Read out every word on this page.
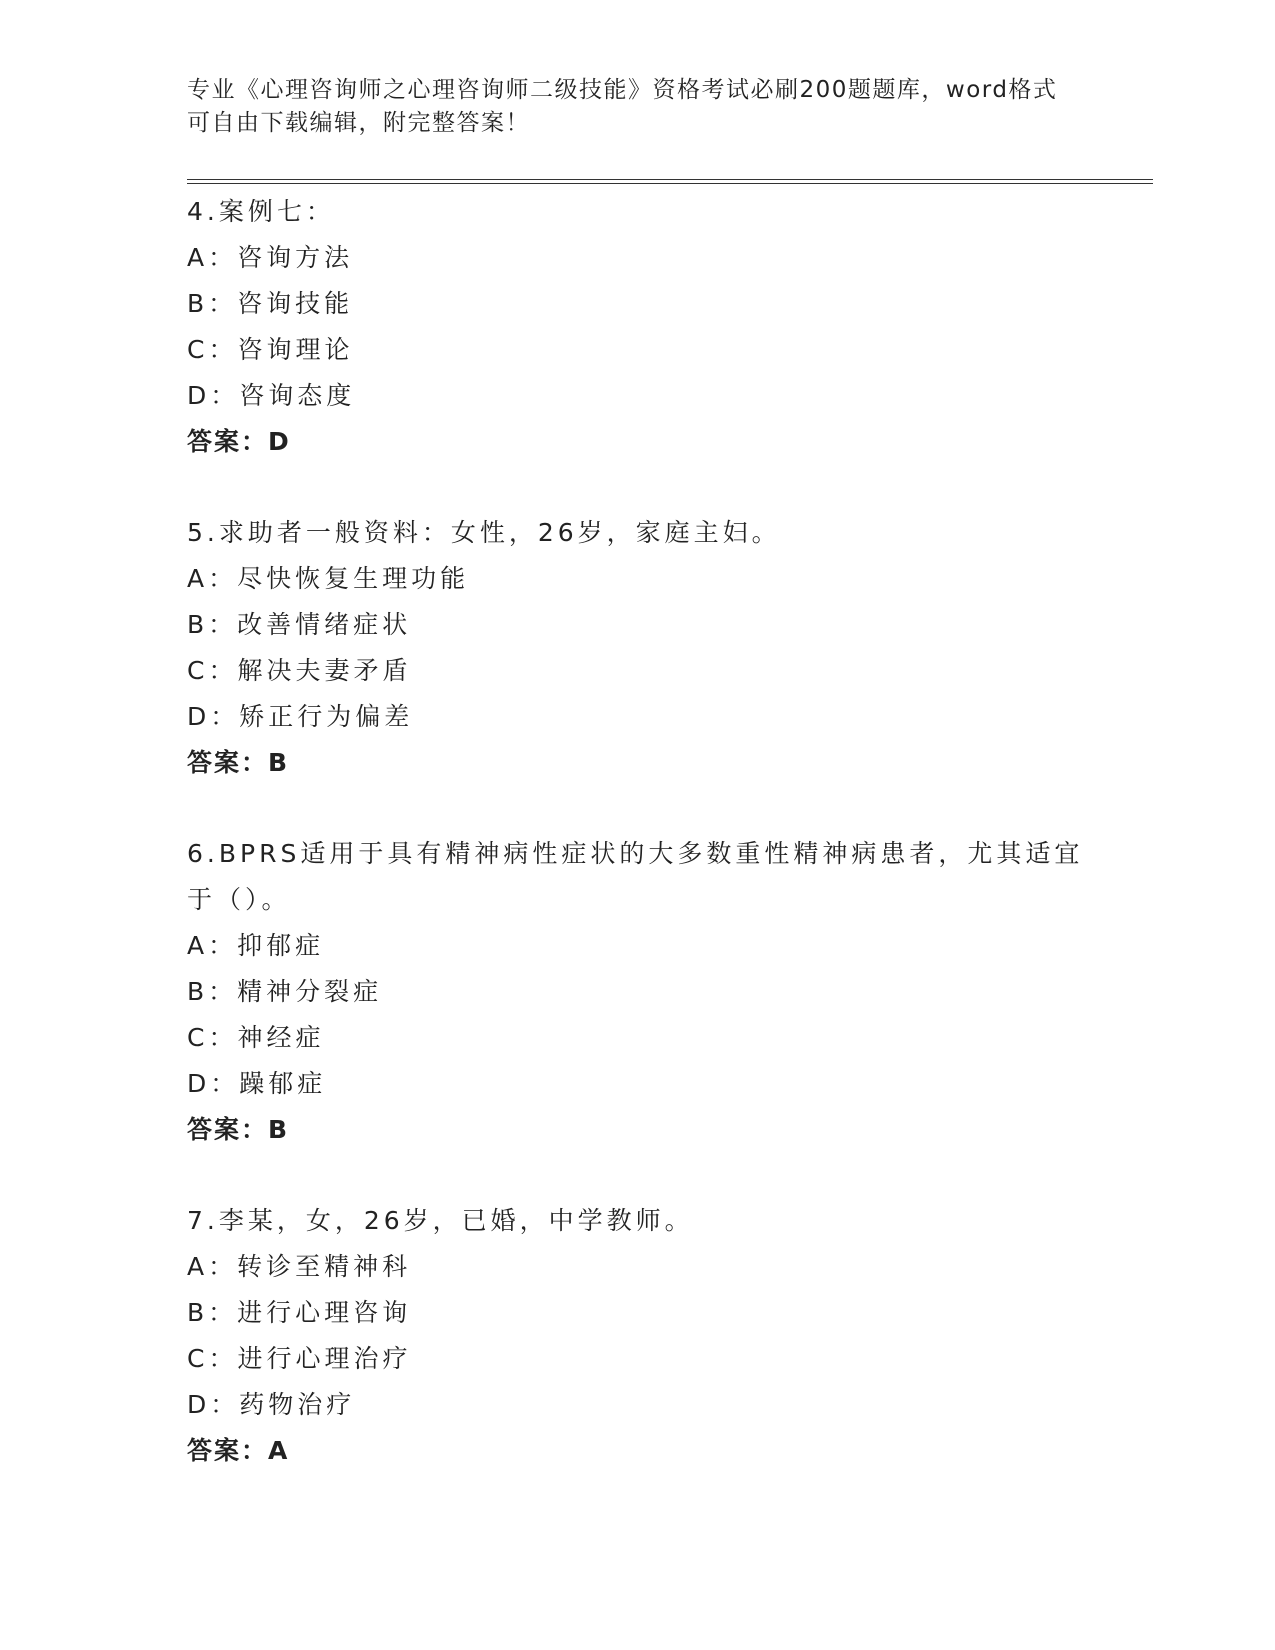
专业《心理咨询师之心理咨询师二级技能》资格考试必刷200题题库，word格式
可自由下载编辑，附完整答案！
4.案例七：
A：咨询方法
B：咨询技能
C：咨询理论
D：咨询态度
答案：D
5.求助者一般资料：女性，26岁，家庭主妇。
A：尽快恢复生理功能
B：改善情绪症状
C：解决夫妻矛盾
D：矫正行为偏差
答案：B
6.BPRS适用于具有精神病性症状的大多数重性精神病患者，尤其适宜于（）。
A：抑郁症
B：精神分裂症
C：神经症
D：躁郁症
答案：B
7.李某，女，26岁，已婚，中学教师。
A：转诊至精神科
B：进行心理咨询
C：进行心理治疗
D：药物治疗
答案：A
